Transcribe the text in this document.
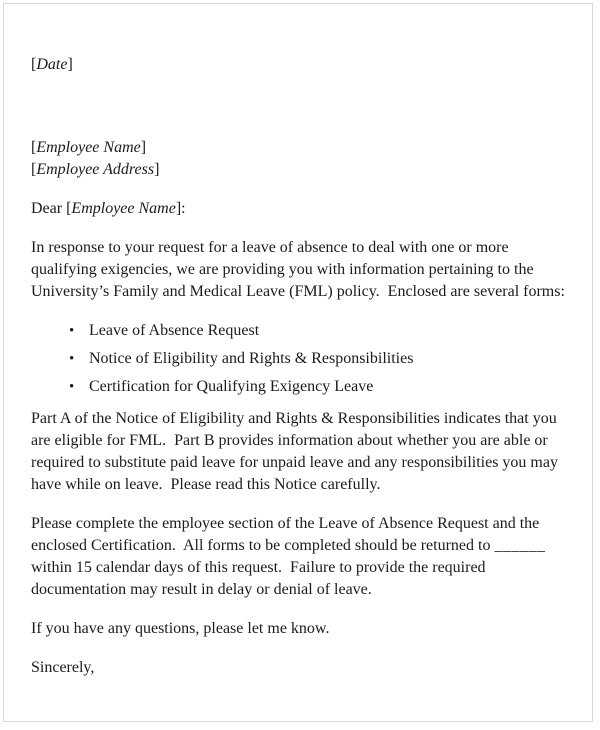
[Date]

[Employee Name]

[Employee Address]

Dear [Employee Name]:

In response to your request for a leave of absence to deal with one or more qualifying exigencies, we are providing you with information pertaining to the University’s Family and Medical Leave (FML) policy.  Enclosed are several forms:

• Leave of Absence Request
• Notice of Eligibility and Rights & Responsibilities
• Certification for Qualifying Exigency Leave

Part A of the Notice of Eligibility and Rights & Responsibilities indicates that you are eligible for FML.  Part B provides information about whether you are able or required to substitute paid leave for unpaid leave and any responsibilities you may have while on leave.  Please read this Notice carefully.

Please complete the employee section of the Leave of Absence Request and the enclosed Certification.  All forms to be completed should be returned to ______ within 15 calendar days of this request.  Failure to provide the required documentation may result in delay or denial of leave.

If you have any questions, please let me know.

Sincerely,
